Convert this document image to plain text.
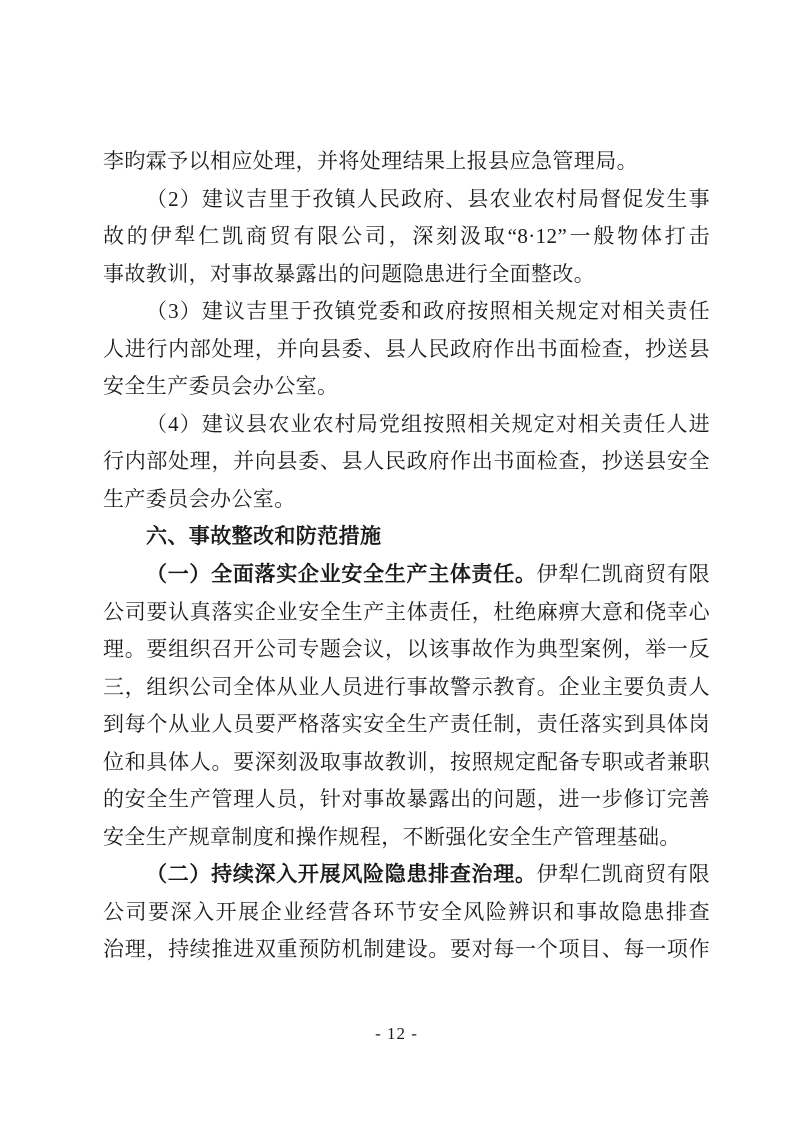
李昀霖予以相应处理，并将处理结果上报县应急管理局。
（2）建议吉里于孜镇人民政府、县农业农村局督促发生事
故的伊犁仁凯商贸有限公司，深刻汲取“8·12”一般物体打击
事故教训，对事故暴露出的问题隐患进行全面整改。
（3）建议吉里于孜镇党委和政府按照相关规定对相关责任
人进行内部处理，并向县委、县人民政府作出书面检查，抄送县
安全生产委员会办公室。
（4）建议县农业农村局党组按照相关规定对相关责任人进
行内部处理，并向县委、县人民政府作出书面检查，抄送县安全
生产委员会办公室。
六、事故整改和防范措施
（一）全面落实企业安全生产主体责任。伊犁仁凯商贸有限
公司要认真落实企业安全生产主体责任，杜绝麻痹大意和侥幸心
理。要组织召开公司专题会议，以该事故作为典型案例，举一反
三，组织公司全体从业人员进行事故警示教育。企业主要负责人
到每个从业人员要严格落实安全生产责任制，责任落实到具体岗
位和具体人。要深刻汲取事故教训，按照规定配备专职或者兼职
的安全生产管理人员，针对事故暴露出的问题，进一步修订完善
安全生产规章制度和操作规程，不断强化安全生产管理基础。
（二）持续深入开展风险隐患排查治理。伊犁仁凯商贸有限
公司要深入开展企业经营各环节安全风险辨识和事故隐患排查
治理，持续推进双重预防机制建设。要对每一个项目、每一项作
- 12 -
